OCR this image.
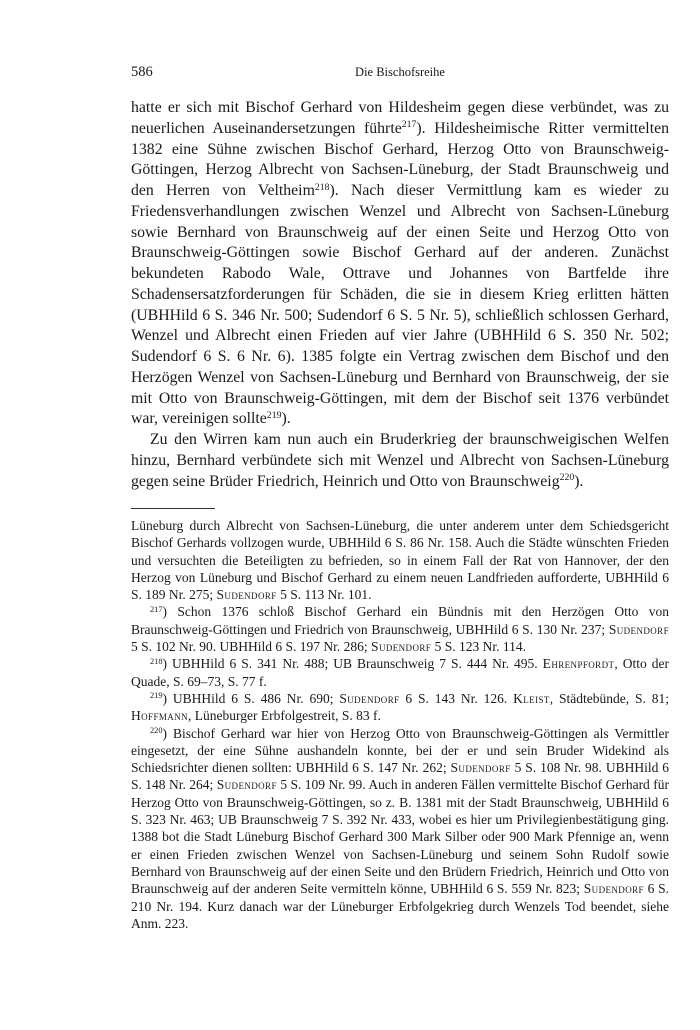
586	Die Bischofsreihe

hatte er sich mit Bischof Gerhard von Hildesheim gegen diese verbündet, was zu neuerlichen Auseinandersetzungen führte$^{217}$). Hildesheimische Ritter vermittelten 1382 eine Sühne zwischen Bischof Gerhard, Herzog Otto von Braunschweig-Göttingen, Herzog Albrecht von Sachsen-Lüneburg, der Stadt Braunschweig und den Herren von Veltheim$^{218}$). Nach dieser Vermittlung kam es wieder zu Friedensverhandlungen zwischen Wenzel und Albrecht von Sachsen-Lüneburg sowie Bernhard von Braunschweig auf der einen Seite und Herzog Otto von Braunschweig-Göttingen sowie Bischof Gerhard auf der anderen. Zunächst bekundeten Rabodo Wale, Ottrave und Johannes von Bartfelde ihre Schadensersatzforderungen für Schäden, die sie in diesem Krieg erlitten hätten (UBHHild 6 S. 346 Nr. 500; Sudendorf 6 S. 5 Nr. 5), schließlich schlossen Gerhard, Wenzel und Albrecht einen Frieden auf vier Jahre (UBHHild 6 S. 350 Nr. 502; Sudendorf 6 S. 6 Nr. 6). 1385 folgte ein Vertrag zwischen dem Bischof und den Herzögen Wenzel von Sachsen-Lüneburg und Bernhard von Braunschweig, der sie mit Otto von Braunschweig-Göttingen, mit dem der Bischof seit 1376 verbündet war, vereinigen sollte$^{219}$).

Zu den Wirren kam nun auch ein Bruderkrieg der braunschweigischen Welfen hinzu, Bernhard verbündete sich mit Wenzel und Albrecht von Sachsen-Lüneburg gegen seine Brüder Friedrich, Heinrich und Otto von Braunschweig$^{220}$).

Lüneburg durch Albrecht von Sachsen-Lüneburg, die unter anderem unter dem Schiedsgericht Bischof Gerhards vollzogen wurde, UBHHild 6 S. 86 Nr. 158. Auch die Städte wünschten Frieden und versuchten die Beteiligten zu befrieden, so in einem Fall der Rat von Hannover, der den Herzog von Lüneburg und Bischof Gerhard zu einem neuen Landfrieden aufforderte, UBHHild 6 S. 189 Nr. 275; Sudendorf 5 S. 113 Nr. 101.

$^{217}$) Schon 1376 schloß Bischof Gerhard ein Bündnis mit den Herzögen Otto von Braunschweig-Göttingen und Friedrich von Braunschweig, UBHHild 6 S. 130 Nr. 237; Sudendorf 5 S. 102 Nr. 90. UBHHild 6 S. 197 Nr. 286; Sudendorf 5 S. 123 Nr. 114.

$^{218}$) UBHHild 6 S. 341 Nr. 488; UB Braunschweig 7 S. 444 Nr. 495. Ehrenpfordt, Otto der Quade, S. 69–73, S. 77 f.

$^{219}$) UBHHild 6 S. 486 Nr. 690; Sudendorf 6 S. 143 Nr. 126. Kleist, Städtebünde, S. 81; Hoffmann, Lüneburger Erbfolgestreit, S. 83 f.

$^{220}$) Bischof Gerhard war hier von Herzog Otto von Braunschweig-Göttingen als Vermittler eingesetzt, der eine Sühne aushandeln konnte, bei der er und sein Bruder Widekind als Schiedsrichter dienen sollten: UBHHild 6 S. 147 Nr. 262; Sudendorf 5 S. 108 Nr. 98. UBHHild 6 S. 148 Nr. 264; Sudendorf 5 S. 109 Nr. 99. Auch in anderen Fällen vermittelte Bischof Gerhard für Herzog Otto von Braunschweig-Göttingen, so z. B. 1381 mit der Stadt Braunschweig, UBHHild 6 S. 323 Nr. 463; UB Braunschweig 7 S. 392 Nr. 433, wobei es hier um Privilegienbestätigung ging. 1388 bot die Stadt Lüneburg Bischof Gerhard 300 Mark Silber oder 900 Mark Pfennige an, wenn er einen Frieden zwischen Wenzel von Sachsen-Lüneburg und seinem Sohn Rudolf sowie Bernhard von Braunschweig auf der einen Seite und den Brüdern Friedrich, Heinrich und Otto von Braunschweig auf der anderen Seite vermitteln könne, UBHHild 6 S. 559 Nr. 823; Sudendorf 6 S. 210 Nr. 194. Kurz danach war der Lüneburger Erbfolgekrieg durch Wenzels Tod beendet, siehe Anm. 223.
